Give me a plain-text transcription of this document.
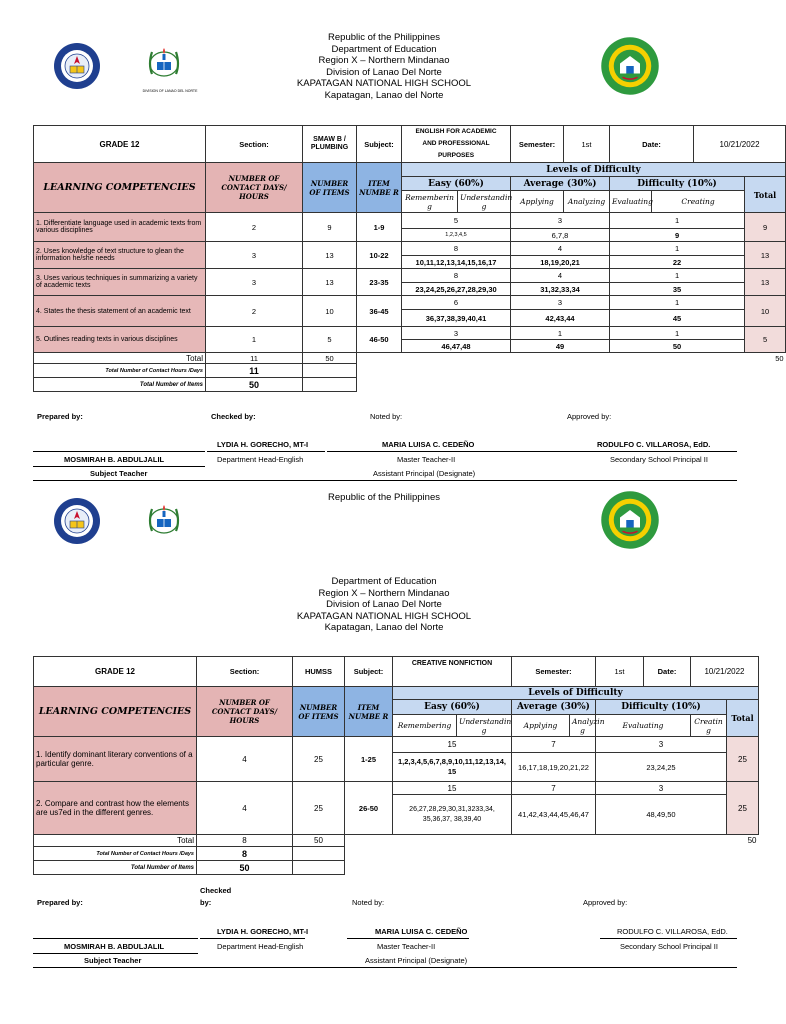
DIVISION OF LANAO DEL NORTE
Republic of the Philippines
Department of Education
Region X – Northern Mindanao
Division of Lanao Del Norte
KAPATAGAN NATIONAL HIGH SCHOOL
Kapatagan, Lanao del Norte
GRADE 12	Section:	SMAW B / PLUMBING	Subject:	ENGLISH FOR ACADEMIC
AND PROFESSIONAL PURPOSES		Semester:	1st	Date:		10/21/2022	
LEARNING COMPETENCIES	NUMBER OF CONTACT DAYS/ HOURS	NUMBER OF ITEMS	ITEM NUMBE R	Levels of Difficulty							
				Easy (60%)		Average (30%)		Difficulty (10%)			Total
				Rememberin g	Understandin g	Applying	Analyzing	Evaluating	Creating		
1. Differentiate language used in academic texts from various disciplines	2	9	1-9	5		3		1			9
				1,2,3,4,5		6,7,8		9			
2. Uses knowledge of text structure to glean the information he/she needs	3	13	10-22	8		4		1			13
				10,11,12,13,14,15,16,17		18,19,20,21		22			
3. Uses various techniques in summarizing a variety of academic texts	3	13	23-35	8		4		1			13
				23,24,25,26,27,28,29,30		31,32,33,34		35			
4. States the thesis statement of an academic text	2	10	36-45	6		3		1			10
				36,37,38,39,40,41		42,43,44		45			
5. Outlines reading texts in various disciplines	1	5	46-50	3		1		1			5
				46,47,48		49		50			
Total	11	50									50
Total Number of Contact Hours /Days	11										
Total Number of Items	50										
Prepared by:	Checked by:	Noted by:	Approved by:
LYDIA H. GORECHO, MT-I	MARIA LUISA C. CEDEÑO	RODULFO C. VILLAROSA, EdD.
MOSMIRAH B. ABDULJALIL	Department Head-English	Master Teacher-II	Secondary School Principal II
Subject Teacher	Assistant Principal (Designate)
Republic of the Philippines
Department of Education
Region X – Northern Mindanao
Division of Lanao Del Norte
KAPATAGAN NATIONAL HIGH SCHOOL
Kapatagan, Lanao del Norte
GRADE 12	Section:	HUMSS	Subject:	CREATIVE NONFICTION		Semester:		1st	Date:	10/21/2022	
LEARNING COMPETENCIES	NUMBER OF CONTACT DAYS/ HOURS	NUMBER OF ITEMS	ITEM NUMBE R	Levels of Difficulty							
				Easy (60%)		Average (30%)		Difficulty (10%)			Total
				Remembering	Understandin g	Applying	Analyzin g	Evaluating		Creatin g	
1. Identify dominant literary conventions of a particular genre.	4	25	1-25	15		7		3			25
				1,2,3,4,5,6,7,8,9,10,11,12,13,14, 15		16,17,18,19,20,21,22		23,24,25			
2. Compare and contrast how the elements are us7ed in the different genres.	4	25	26-50	15		7		3			25
				26,27,28,29,30,31,3233,34, 35,36,37, 38,39,40		41,42,43,44,45,46,47		48,49,50			
Total	8	50									50
Total Number of Contact Hours /Days	8										
Total Number of Items	50										
Checked
Prepared by:	by:	Noted by:	Approved by:
LYDIA H. GORECHO, MT-I	MARIA LUISA C. CEDEÑO	RODULFO C. VILLAROSA, EdD.
MOSMIRAH B. ABDULJALIL	Department Head-English	Master Teacher-II	Secondary School Principal II
Subject Teacher	Assistant Principal (Designate)
